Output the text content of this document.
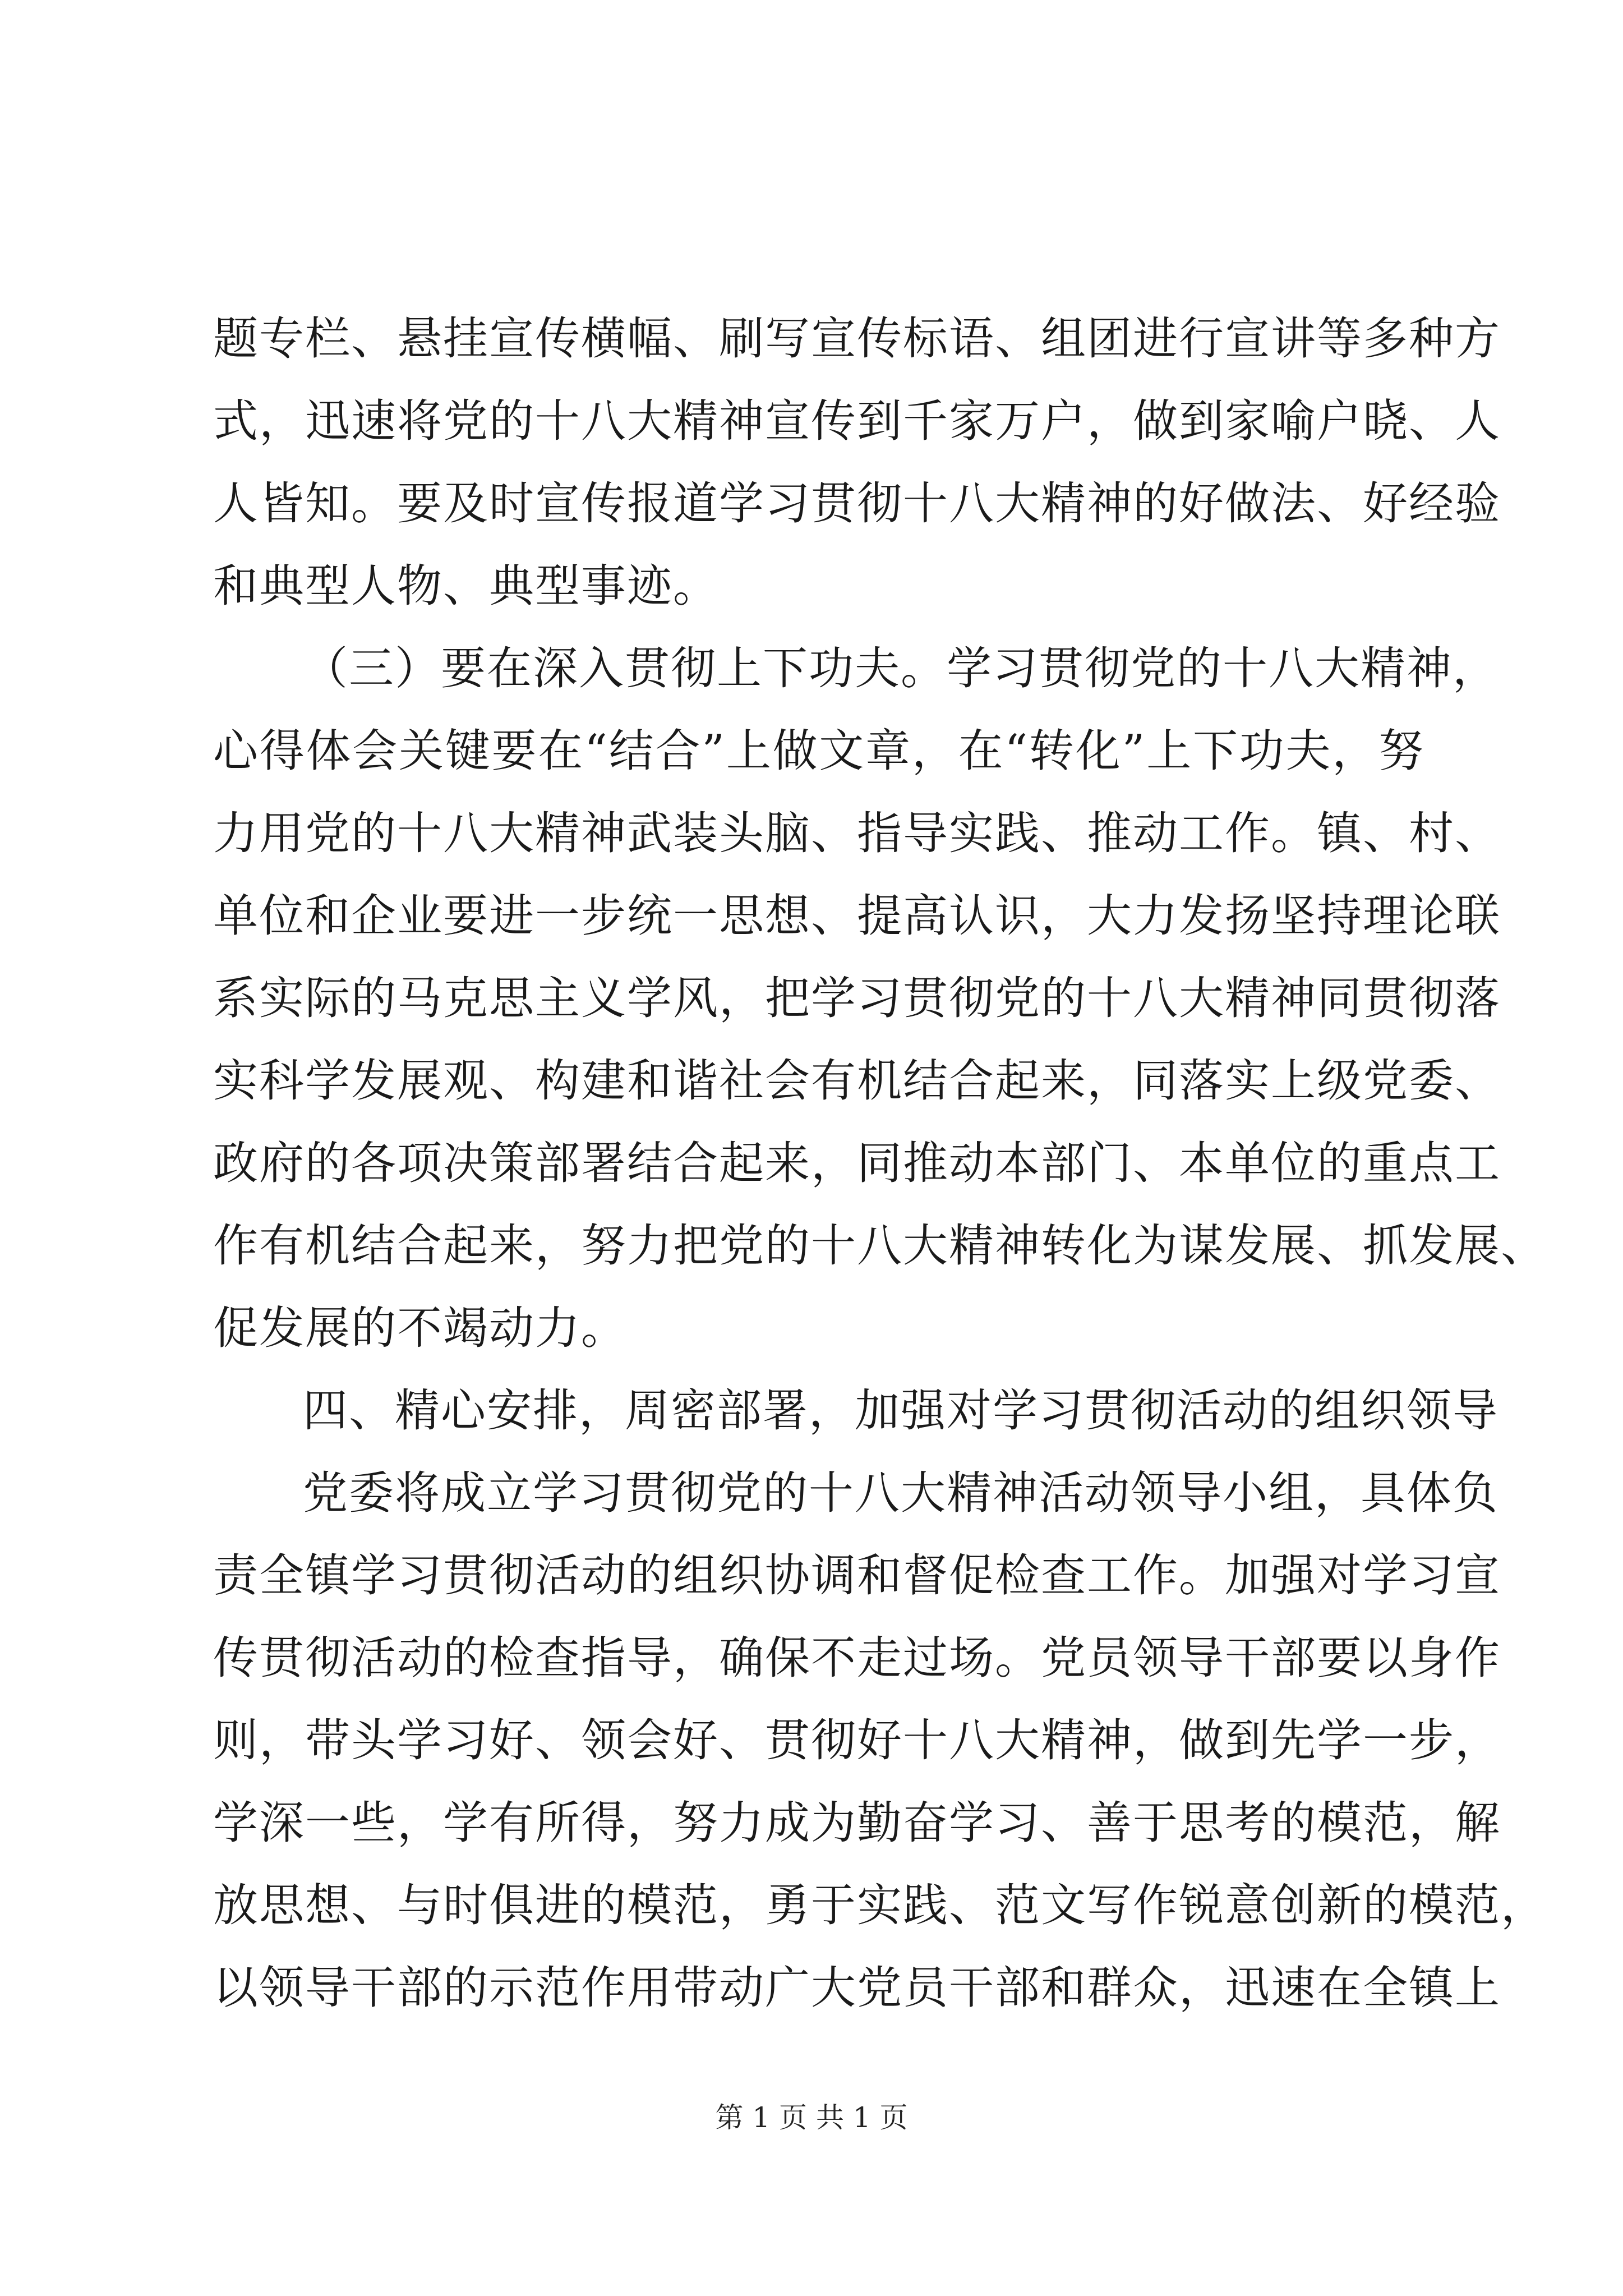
题专栏、悬挂宣传横幅、刷写宣传标语、组团进行宣讲等多种方
式，迅速将党的十八大精神宣传到千家万户，做到家喻户晓、人
人皆知。要及时宣传报道学习贯彻十八大精神的好做法、好经验
和典型人物、典型事迹。
（三）要在深入贯彻上下功夫。学习贯彻党的十八大精神，
心得体会关键要在“结合”上做文章，在“转化”上下功夫，努
力用党的十八大精神武装头脑、指导实践、推动工作。镇、村、
单位和企业要进一步统一思想、提高认识，大力发扬坚持理论联
系实际的马克思主义学风，把学习贯彻党的十八大精神同贯彻落
实科学发展观、构建和谐社会有机结合起来，同落实上级党委、
政府的各项决策部署结合起来，同推动本部门、本单位的重点工
作有机结合起来，努力把党的十八大精神转化为谋发展、抓发展、
促发展的不竭动力。
四、精心安排，周密部署，加强对学习贯彻活动的组织领导
党委将成立学习贯彻党的十八大精神活动领导小组，具体负
责全镇学习贯彻活动的组织协调和督促检查工作。加强对学习宣
传贯彻活动的检查指导，确保不走过场。党员领导干部要以身作
则，带头学习好、领会好、贯彻好十八大精神，做到先学一步，
学深一些，学有所得，努力成为勤奋学习、善于思考的模范，解
放思想、与时俱进的模范，勇于实践、范文写作锐意创新的模范，
以领导干部的示范作用带动广大党员干部和群众，迅速在全镇上
第 1 页 共 1 页
